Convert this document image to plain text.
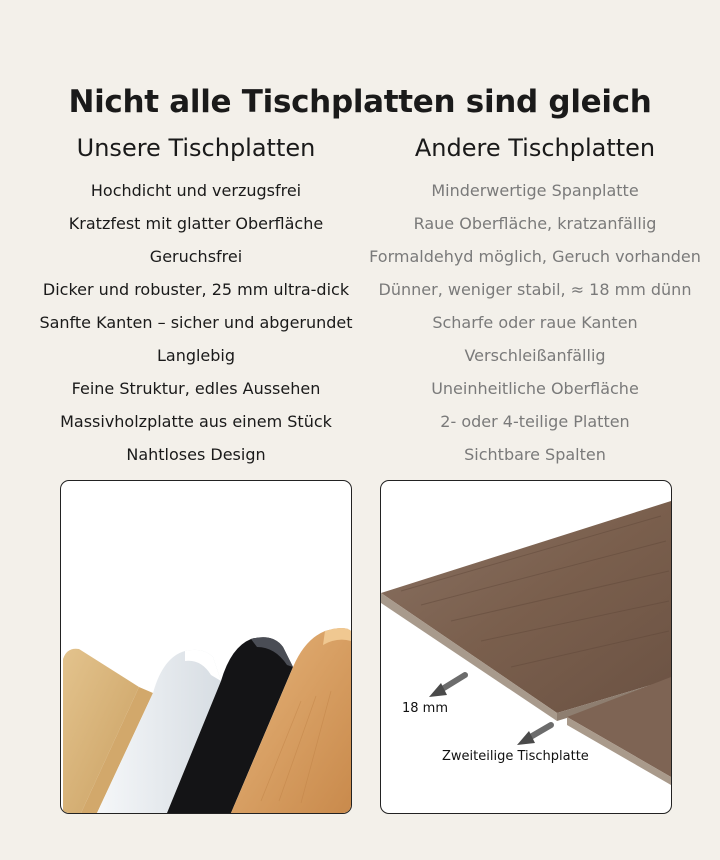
Nicht alle Tischplatten sind gleich
Unsere Tischplatten	Andere Tischplatten
Hochdicht und verzugsfrei	Minderwertige Spanplatte
Kratzfest mit glatter Oberfläche	Raue Oberfläche, kratzanfällig
Geruchsfrei	Formaldehyd möglich, Geruch vorhanden
Dicker und robuster, 25 mm ultra-dick	Dünner, weniger stabil, ≈ 18 mm dünn
Sanfte Kanten – sicher und abgerundet	Scharfe oder raue Kanten
Langlebig	Verschleißanfällig
Feine Struktur, edles Aussehen	Uneinheitliche Oberfläche
Massivholzplatte aus einem Stück	2- oder 4-teilige Platten
Nahtloses Design	Sichtbare Spalten
18 mm
Zweiteilige Tischplatte
